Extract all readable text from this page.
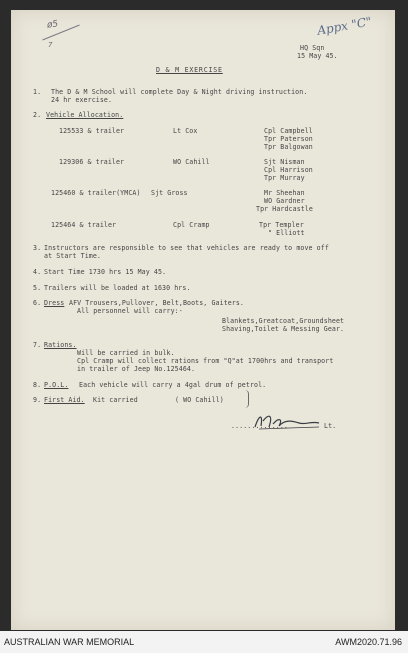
ø5
7
Appx "C"
HQ Sqn
15 May 45.
D & M EXERCISE
1. The D & M School will complete Day & Night driving instruction.
24 hr exercise.
2. Vehicle Allocation.
125533 & trailer	Lt Cox	Cpl Campbell
Tpr Paterson
Tpr Balgowan
129306 & trailer	WO Cahill	Sjt Nisman
Cpl Harrison
Tpr Murray
125460 & trailer(YMCA) Sjt Gross	Mr Sheehan
WO Gardner
Tpr Hardcastle
125464 & trailer	Cpl Cramp	Tpr Templer
" Elliott
3. Instructors are responsible to see that vehicles are ready to move off
at Start Time.
4. Start Time 1730 hrs 15 May 45.
5. Trailers will be loaded at 1630 hrs.
6. Dress AFV Trousers,Pullover, Belt,Boots, Gaiters.
All personnel will carry:-
Blankets,Greatcoat,Groundsheet
Shaving,Toilet & Messing Gear.
7. Rations.
Will be carried in bulk.
Cpl Cramp will collect rations from "Q"at 1700hrs and transport
in trailer of Jeep No.125464.
8. P.O.L. Each vehicle will carry a 4gal drum of petrol.
9. First Aid. Kit carried	( WO Cahill)
..............	Lt.
AUSTRALIAN WAR MEMORIAL	AWM2020.71.96
